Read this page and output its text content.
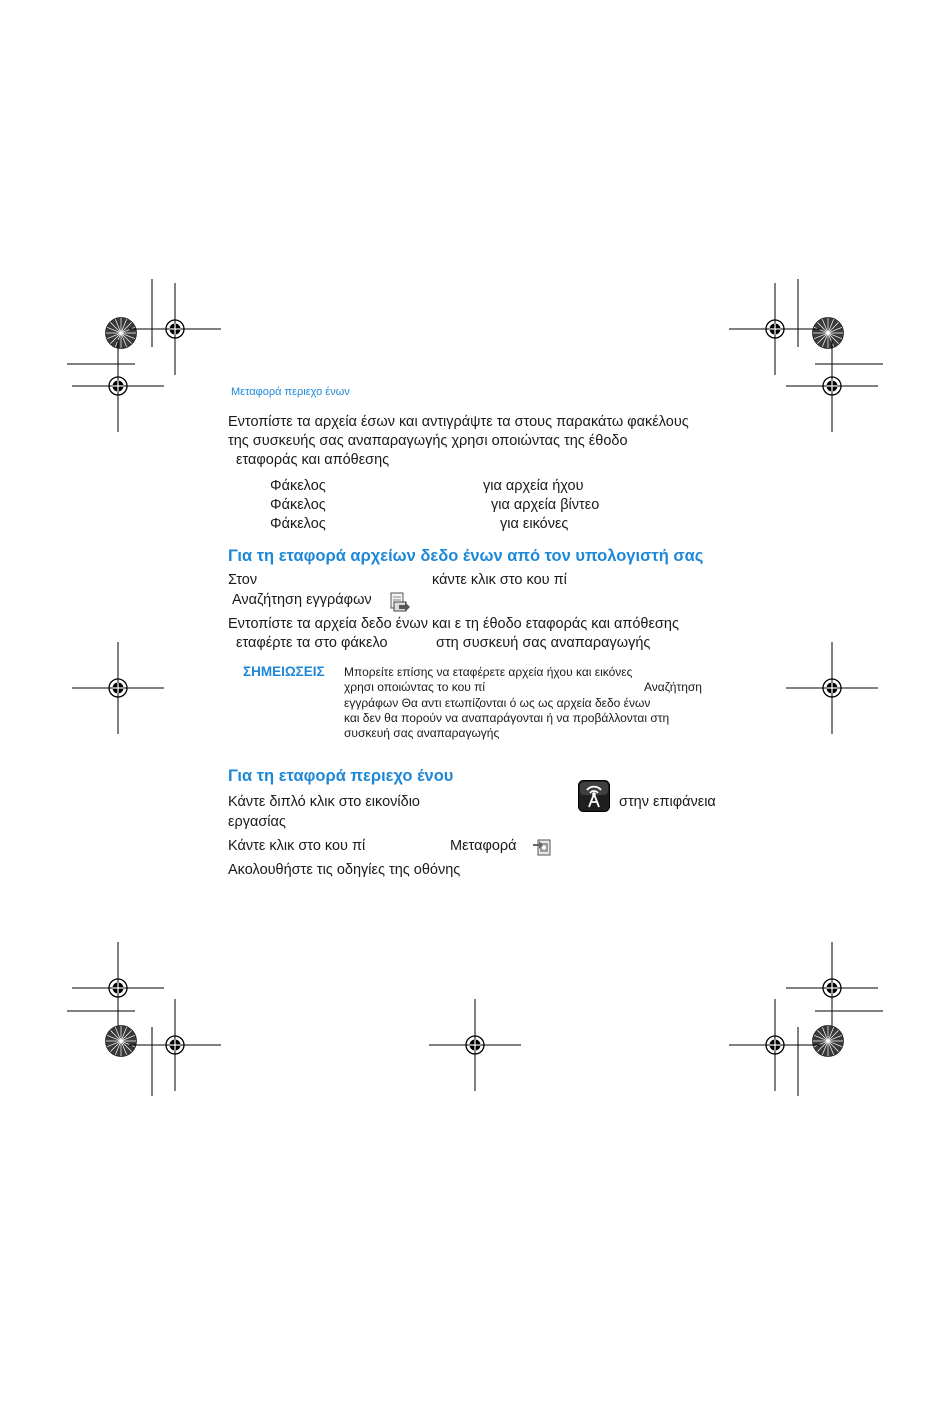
Μεταφορά περιεχο ένων
Εντοπίστε τα αρχεία έσων και αντιγράψτε τα στους παρακάτω φακέλους
της συσκευής σας αναπαραγωγής χρησι οποιώντας της έθοδο
εταφοράς και απόθεσης
Φάκελος	για αρχεία ήχου
Φάκελος	για αρχεία βίντεο
Φάκελος	για εικόνες
Για τη εταφορά αρχείων δεδο ένων από τον υπολογιστή σας
Στον	κάντε κλικ στο κου πί
Αναζήτηση εγγράφων
Εντοπίστε τα αρχεία δεδο ένων και ε τη έθοδο εταφοράς και απόθεσης
εταφέρτε τα στο φάκελο	στη συσκευή σας αναπαραγωγής
ΣΗΜΕΙΩΣΕΙΣ Μπορείτε επίσης να εταφέρετε αρχεία ήχου και εικόνες
χρησι οποιώντας το κου πί	Αναζήτηση
εγγράφων Θα αντι ετωπίζονται ό ως ως αρχεία δεδο ένων
και δεν θα πορούν να αναπαράγονται ή να προβάλλονται στη
συσκευή σας αναπαραγωγής
Για τη εταφορά περιεχο ένου
Κάντε διπλό κλικ στο εικονίδιο	στην επιφάνεια
εργασίας
Κάντε κλικ στο κου πί	Μεταφορά
Ακολουθήστε τις οδηγίες της οθόνης
